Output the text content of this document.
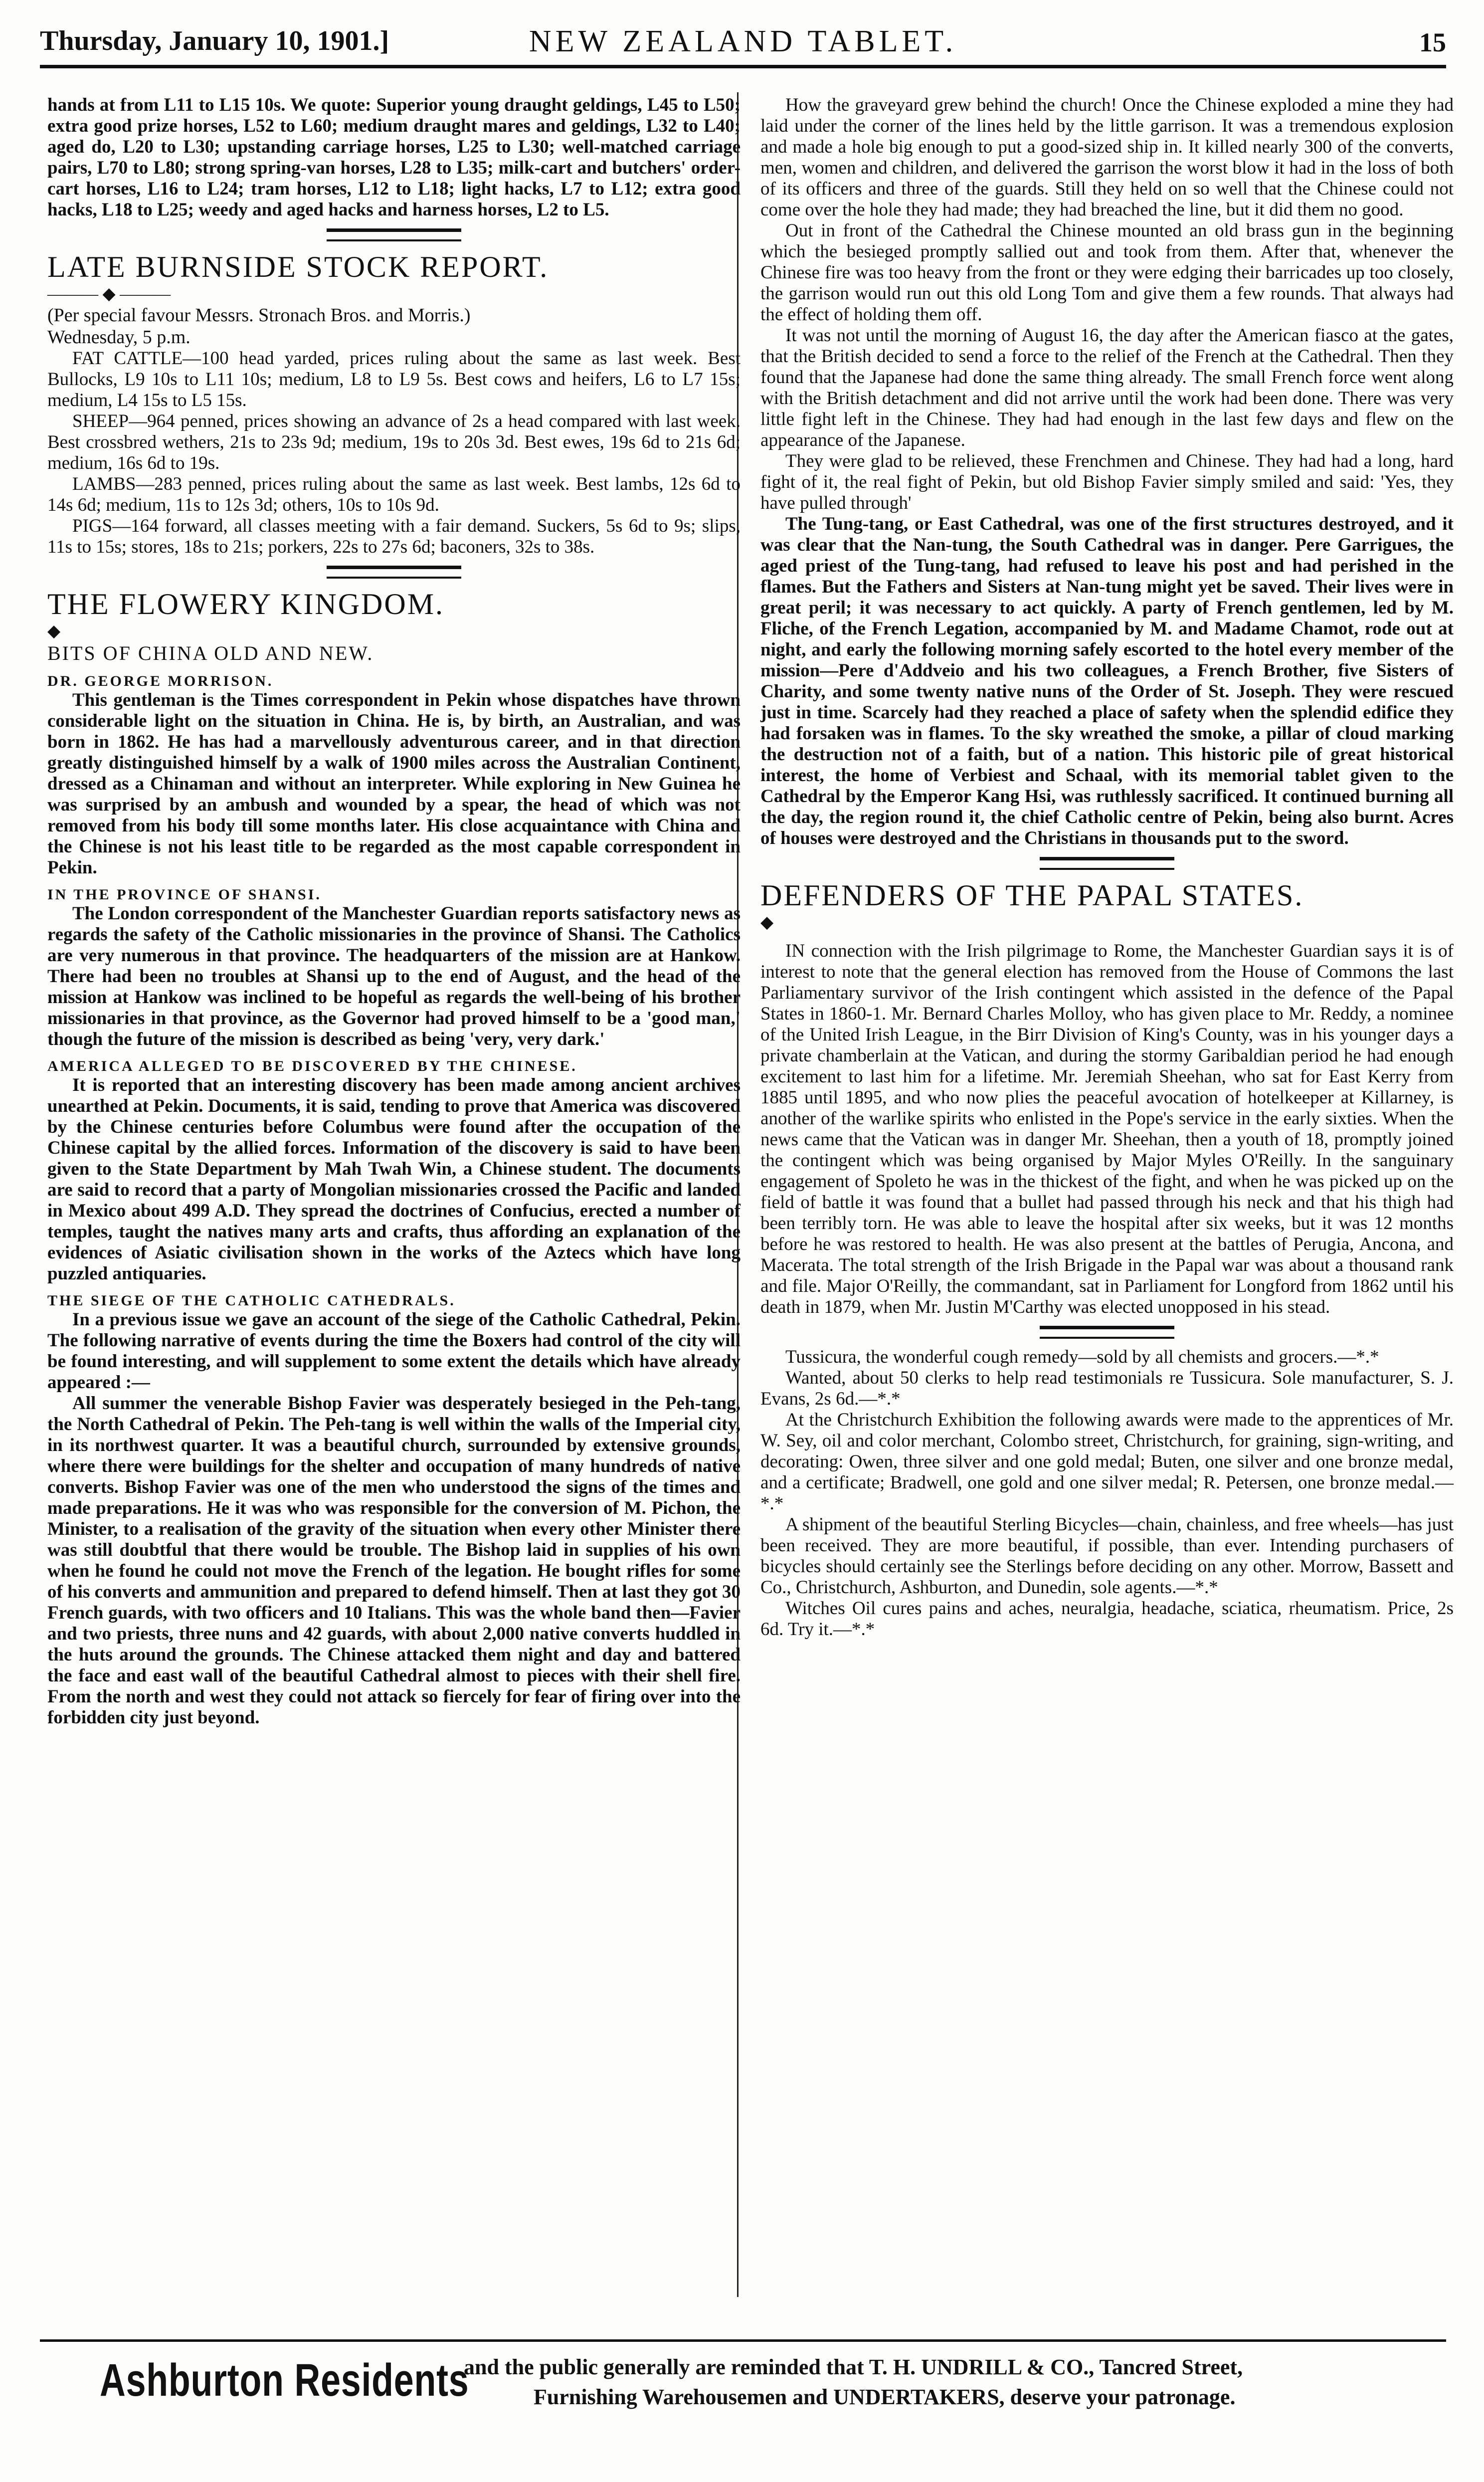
Thursday, January 10, 1901.]	NEW ZEALAND TABLET.	15

hands at from L11 to L15 10s. We quote: Superior young draught geldings, L45 to L50; extra good prize horses, L52 to L60; medium draught mares and geldings, L32 to L40; aged do, L20 to L30; upstanding carriage horses, L25 to L30; well-matched carriage pairs, L70 to L80; strong spring-van horses, L28 to L35; milk-cart and butchers' order-cart horses, L16 to L24; tram horses, L12 to L18; light hacks, L7 to L12; extra good hacks, L18 to L25; weedy and aged hacks and harness horses, L2 to L5.

LATE BURNSIDE STOCK REPORT.

——— ◆ ———

(Per special favour Messrs. Stronach Bros. and Morris.)

Wednesday, 5 p.m.

FAT CATTLE—100 head yarded, prices ruling about the same as last week. Best Bullocks, L9 10s to L11 10s; medium, L8 to L9 5s. Best cows and heifers, L6 to L7 15s; medium, L4 15s to L5 15s.

SHEEP—964 penned, prices showing an advance of 2s a head compared with last week. Best crossbred wethers, 21s to 23s 9d; medium, 19s to 20s 3d. Best ewes, 19s 6d to 21s 6d; medium, 16s 6d to 19s.

LAMBS—283 penned, prices ruling about the same as last week. Best lambs, 12s 6d to 14s 6d; medium, 11s to 12s 3d; others, 10s to 10s 9d.

PIGS—164 forward, all classes meeting with a fair demand. Suckers, 5s 6d to 9s; slips, 11s to 15s; stores, 18s to 21s; porkers, 22s to 27s 6d; baconers, 32s to 38s.

THE FLOWERY KINGDOM.

◆

BITS OF CHINA OLD AND NEW.

DR. GEORGE MORRISON.

This gentleman is the Times correspondent in Pekin whose dispatches have thrown considerable light on the situation in China. He is, by birth, an Australian, and was born in 1862. He has had a marvellously adventurous career, and in that direction greatly distinguished himself by a walk of 1900 miles across the Australian Continent, dressed as a Chinaman and without an interpreter. While exploring in New Guinea he was surprised by an ambush and wounded by a spear, the head of which was not removed from his body till some months later. His close acquaintance with China and the Chinese is not his least title to be regarded as the most capable correspondent in Pekin.

IN THE PROVINCE OF SHANSI.

The London correspondent of the Manchester Guardian reports satisfactory news as regards the safety of the Catholic missionaries in the province of Shansi. The Catholics are very numerous in that province. The headquarters of the mission are at Hankow. There had been no troubles at Shansi up to the end of August, and the head of the mission at Hankow was inclined to be hopeful as regards the well-being of his brother missionaries in that province, as the Governor had proved himself to be a 'good man,' though the future of the mission is described as being 'very, very dark.'

AMERICA ALLEGED TO BE DISCOVERED BY THE CHINESE.

It is reported that an interesting discovery has been made among ancient archives unearthed at Pekin. Documents, it is said, tending to prove that America was discovered by the Chinese centuries before Columbus were found after the occupation of the Chinese capital by the allied forces. Information of the discovery is said to have been given to the State Department by Mah Twah Win, a Chinese student. The documents are said to record that a party of Mongolian missionaries crossed the Pacific and landed in Mexico about 499 A.D. They spread the doctrines of Confucius, erected a number of temples, taught the natives many arts and crafts, thus affording an explanation of the evidences of Asiatic civilisation shown in the works of the Aztecs which have long puzzled antiquaries.

THE SIEGE OF THE CATHOLIC CATHEDRALS.

In a previous issue we gave an account of the siege of the Catholic Cathedral, Pekin. The following narrative of events during the time the Boxers had control of the city will be found interesting, and will supplement to some extent the details which have already appeared :—

All summer the venerable Bishop Favier was desperately besieged in the Peh-tang, the North Cathedral of Pekin. The Peh-tang is well within the walls of the Imperial city, in its northwest quarter. It was a beautiful church, surrounded by extensive grounds, where there were buildings for the shelter and occupation of many hundreds of native converts. Bishop Favier was one of the men who understood the signs of the times and made preparations. He it was who was responsible for the conversion of M. Pichon, the Minister, to a realisation of the gravity of the situation when every other Minister there was still doubtful that there would be trouble. The Bishop laid in supplies of his own when he found he could not move the French of the legation. He bought rifles for some of his converts and ammunition and prepared to defend himself. Then at last they got 30 French guards, with two officers and 10 Italians. This was the whole band then—Favier and two priests, three nuns and 42 guards, with about 2,000 native converts huddled in the huts around the grounds. The Chinese attacked them night and day and battered the face and east wall of the beautiful Cathedral almost to pieces with their shell fire. From the north and west they could not attack so fiercely for fear of firing over into the forbidden city just beyond.

How the graveyard grew behind the church! Once the Chinese exploded a mine they had laid under the corner of the lines held by the little garrison. It was a tremendous explosion and made a hole big enough to put a good-sized ship in. It killed nearly 300 of the converts, men, women and children, and delivered the garrison the worst blow it had in the loss of both of its officers and three of the guards. Still they held on so well that the Chinese could not come over the hole they had made; they had breached the line, but it did them no good.

Out in front of the Cathedral the Chinese mounted an old brass gun in the beginning which the besieged promptly sallied out and took from them. After that, whenever the Chinese fire was too heavy from the front or they were edging their barricades up too closely, the garrison would run out this old Long Tom and give them a few rounds. That always had the effect of holding them off.

It was not until the morning of August 16, the day after the American fiasco at the gates, that the British decided to send a force to the relief of the French at the Cathedral. Then they found that the Japanese had done the same thing already. The small French force went along with the British detachment and did not arrive until the work had been done. There was very little fight left in the Chinese. They had had enough in the last few days and flew on the appearance of the Japanese.

They were glad to be relieved, these Frenchmen and Chinese. They had had a long, hard fight of it, the real fight of Pekin, but old Bishop Favier simply smiled and said: 'Yes, they have pulled through'

The Tung-tang, or East Cathedral, was one of the first structures destroyed, and it was clear that the Nan-tung, the South Cathedral was in danger. Pere Garrigues, the aged priest of the Tung-tang, had refused to leave his post and had perished in the flames. But the Fathers and Sisters at Nan-tung might yet be saved. Their lives were in great peril; it was necessary to act quickly. A party of French gentlemen, led by M. Fliche, of the French Legation, accompanied by M. and Madame Chamot, rode out at night, and early the following morning safely escorted to the hotel every member of the mission—Pere d'Addveio and his two colleagues, a French Brother, five Sisters of Charity, and some twenty native nuns of the Order of St. Joseph. They were rescued just in time. Scarcely had they reached a place of safety when the splendid edifice they had forsaken was in flames. To the sky wreathed the smoke, a pillar of cloud marking the destruction not of a faith, but of a nation. This historic pile of great historical interest, the home of Verbiest and Schaal, with its memorial tablet given to the Cathedral by the Emperor Kang Hsi, was ruthlessly sacrificed. It continued burning all the day, the region round it, the chief Catholic centre of Pekin, being also burnt. Acres of houses were destroyed and the Christians in thousands put to the sword.

DEFENDERS OF THE PAPAL STATES.

◆

IN connection with the Irish pilgrimage to Rome, the Manchester Guardian says it is of interest to note that the general election has removed from the House of Commons the last Parliamentary survivor of the Irish contingent which assisted in the defence of the Papal States in 1860-1. Mr. Bernard Charles Molloy, who has given place to Mr. Reddy, a nominee of the United Irish League, in the Birr Division of King's County, was in his younger days a private chamberlain at the Vatican, and during the stormy Garibaldian period he had enough excitement to last him for a lifetime. Mr. Jeremiah Sheehan, who sat for East Kerry from 1885 until 1895, and who now plies the peaceful avocation of hotelkeeper at Killarney, is another of the warlike spirits who enlisted in the Pope's service in the early sixties. When the news came that the Vatican was in danger Mr. Sheehan, then a youth of 18, promptly joined the contingent which was being organised by Major Myles O'Reilly. In the sanguinary engagement of Spoleto he was in the thickest of the fight, and when he was picked up on the field of battle it was found that a bullet had passed through his neck and that his thigh had been terribly torn. He was able to leave the hospital after six weeks, but it was 12 months before he was restored to health. He was also present at the battles of Perugia, Ancona, and Macerata. The total strength of the Irish Brigade in the Papal war was about a thousand rank and file. Major O'Reilly, the commandant, sat in Parliament for Longford from 1862 until his death in 1879, when Mr. Justin M'Carthy was elected unopposed in his stead.

Tussicura, the wonderful cough remedy—sold by all chemists and grocers.—*.*

Wanted, about 50 clerks to help read testimonials re Tussicura. Sole manufacturer, S. J. Evans, 2s 6d.—*.*

At the Christchurch Exhibition the following awards were made to the apprentices of Mr. W. Sey, oil and color merchant, Colombo street, Christchurch, for graining, sign-writing, and decorating: Owen, three silver and one gold medal; Buten, one silver and one bronze medal, and a certificate; Bradwell, one gold and one silver medal; R. Petersen, one bronze medal.—*.*

A shipment of the beautiful Sterling Bicycles—chain, chainless, and free wheels—has just been received. They are more beautiful, if possible, than ever. Intending purchasers of bicycles should certainly see the Sterlings before deciding on any other. Morrow, Bassett and Co., Christchurch, Ashburton, and Dunedin, sole agents.—*.*

Witches Oil cures pains and aches, neuralgia, headache, sciatica, rheumatism. Price, 2s 6d. Try it.—*.*

Ashburton Residents
and the public generally are reminded that T. H. UNDRILL & CO., Tancred Street,
Furnishing Warehousemen and UNDERTAKERS, deserve your patronage.
